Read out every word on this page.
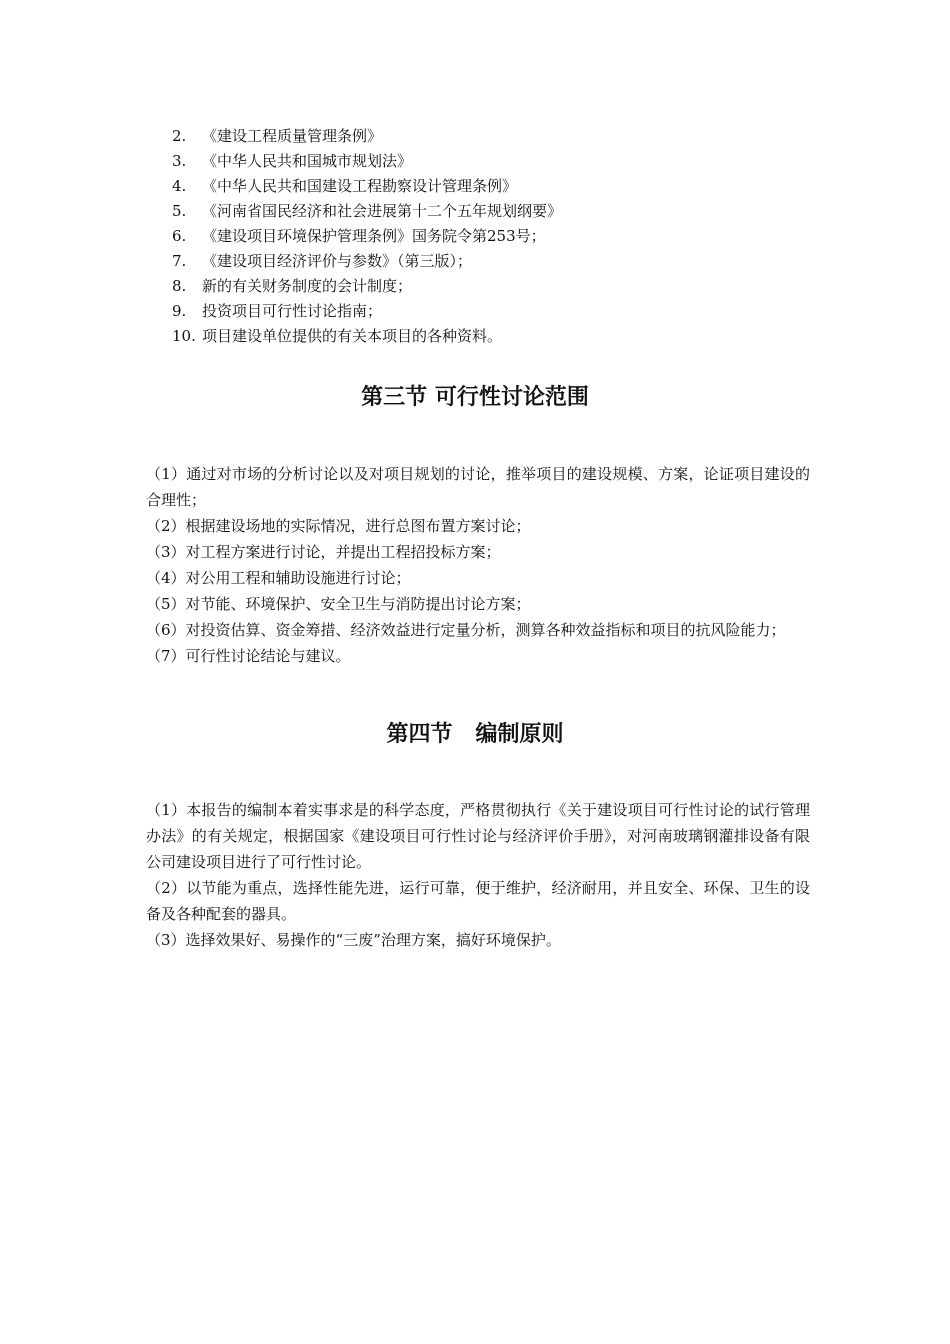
2.	《建设工程质量管理条例》
3.	《中华人民共和国城市规划法》
4.	《中华人民共和国建设工程勘察设计管理条例》
5.	《河南省国民经济和社会进展第十二个五年规划纲要》
6.	《建设项目环境保护管理条例》国务院令第253号；
7.	《建设项目经济评价与参数》（第三版）；
8.	新的有关财务制度的会计制度；
9.	投资项目可行性讨论指南；
10. 项目建设单位提供的有关本项目的各种资料。
第三节 可行性讨论范围

（1）通过对市场的分析讨论以及对项目规划的讨论，推举项目的建设规模、方案，论证项目建设的合理性；

（2）根据建设场地的实际情况，进行总图布置方案讨论；

（3）对工程方案进行讨论，并提出工程招投标方案；

（4）对公用工程和辅助设施进行讨论；

（5）对节能、环境保护、安全卫生与消防提出讨论方案；

（6）对投资估算、资金筹措、经济效益进行定量分析，测算各种效益指标和项目的抗风险能力；

（7）可行性讨论结论与建议。

第四节   编制原则

（1）本报告的编制本着实事求是的科学态度，严格贯彻执行《关于建设项目可行性讨论的试行管理办法》的有关规定，根据国家《建设项目可行性讨论与经济评价手册》，对河南玻璃钢灌排设备有限公司建设项目进行了可行性讨论。

（2）以节能为重点，选择性能先进，运行可靠，便于维护，经济耐用，并且安全、环保、卫生的设备及各种配套的器具。

（3）选择效果好、易操作的“三废”治理方案，搞好环境保护。
